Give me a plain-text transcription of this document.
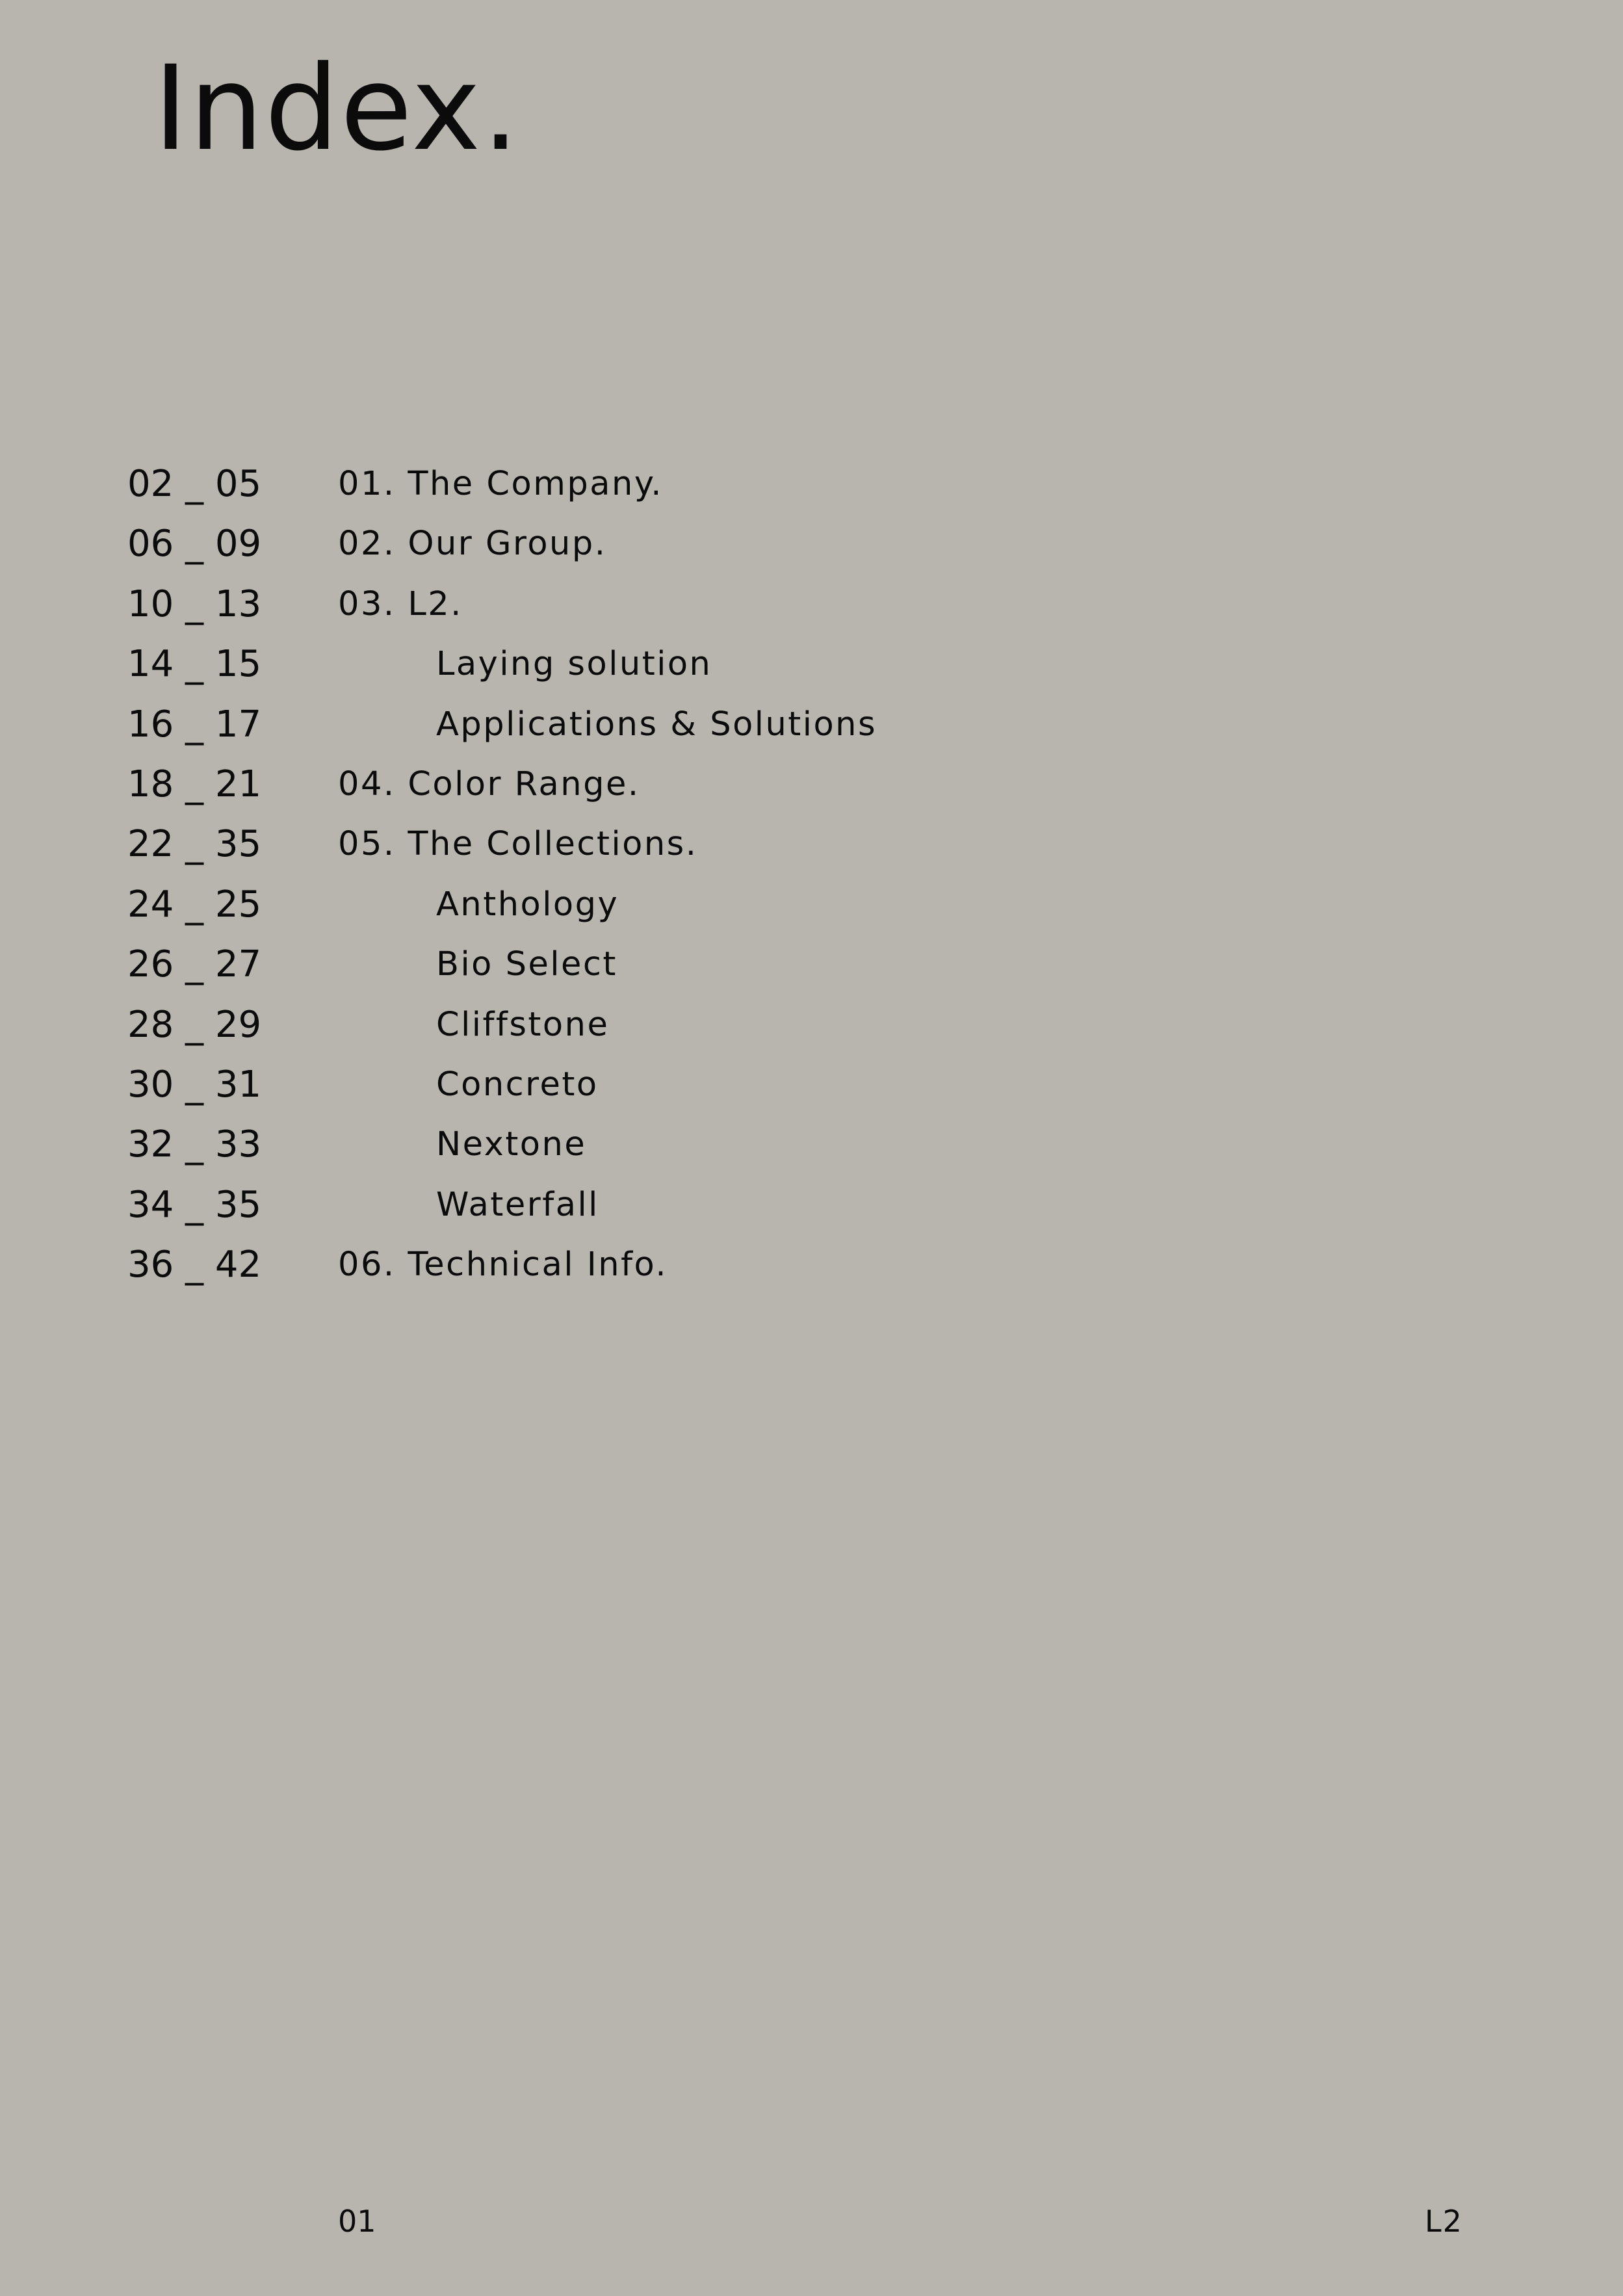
Index.
02 _ 05 01. The Company.
06 _ 09 02. Our Group.
10 _ 13 03. L2.
14 _ 15	Laying solution
16 _ 17	Applications & Solutions
18 _ 21 04. Color Range.
22 _ 35 05. The Collections.
24 _ 25	Anthology
26 _ 27	Bio Select
28 _ 29	Cliffstone
30 _ 31	Concreto
32 _ 33	Nextone
34 _ 35	Waterfall
36 _ 42 06. Technical Info.
01	L2
